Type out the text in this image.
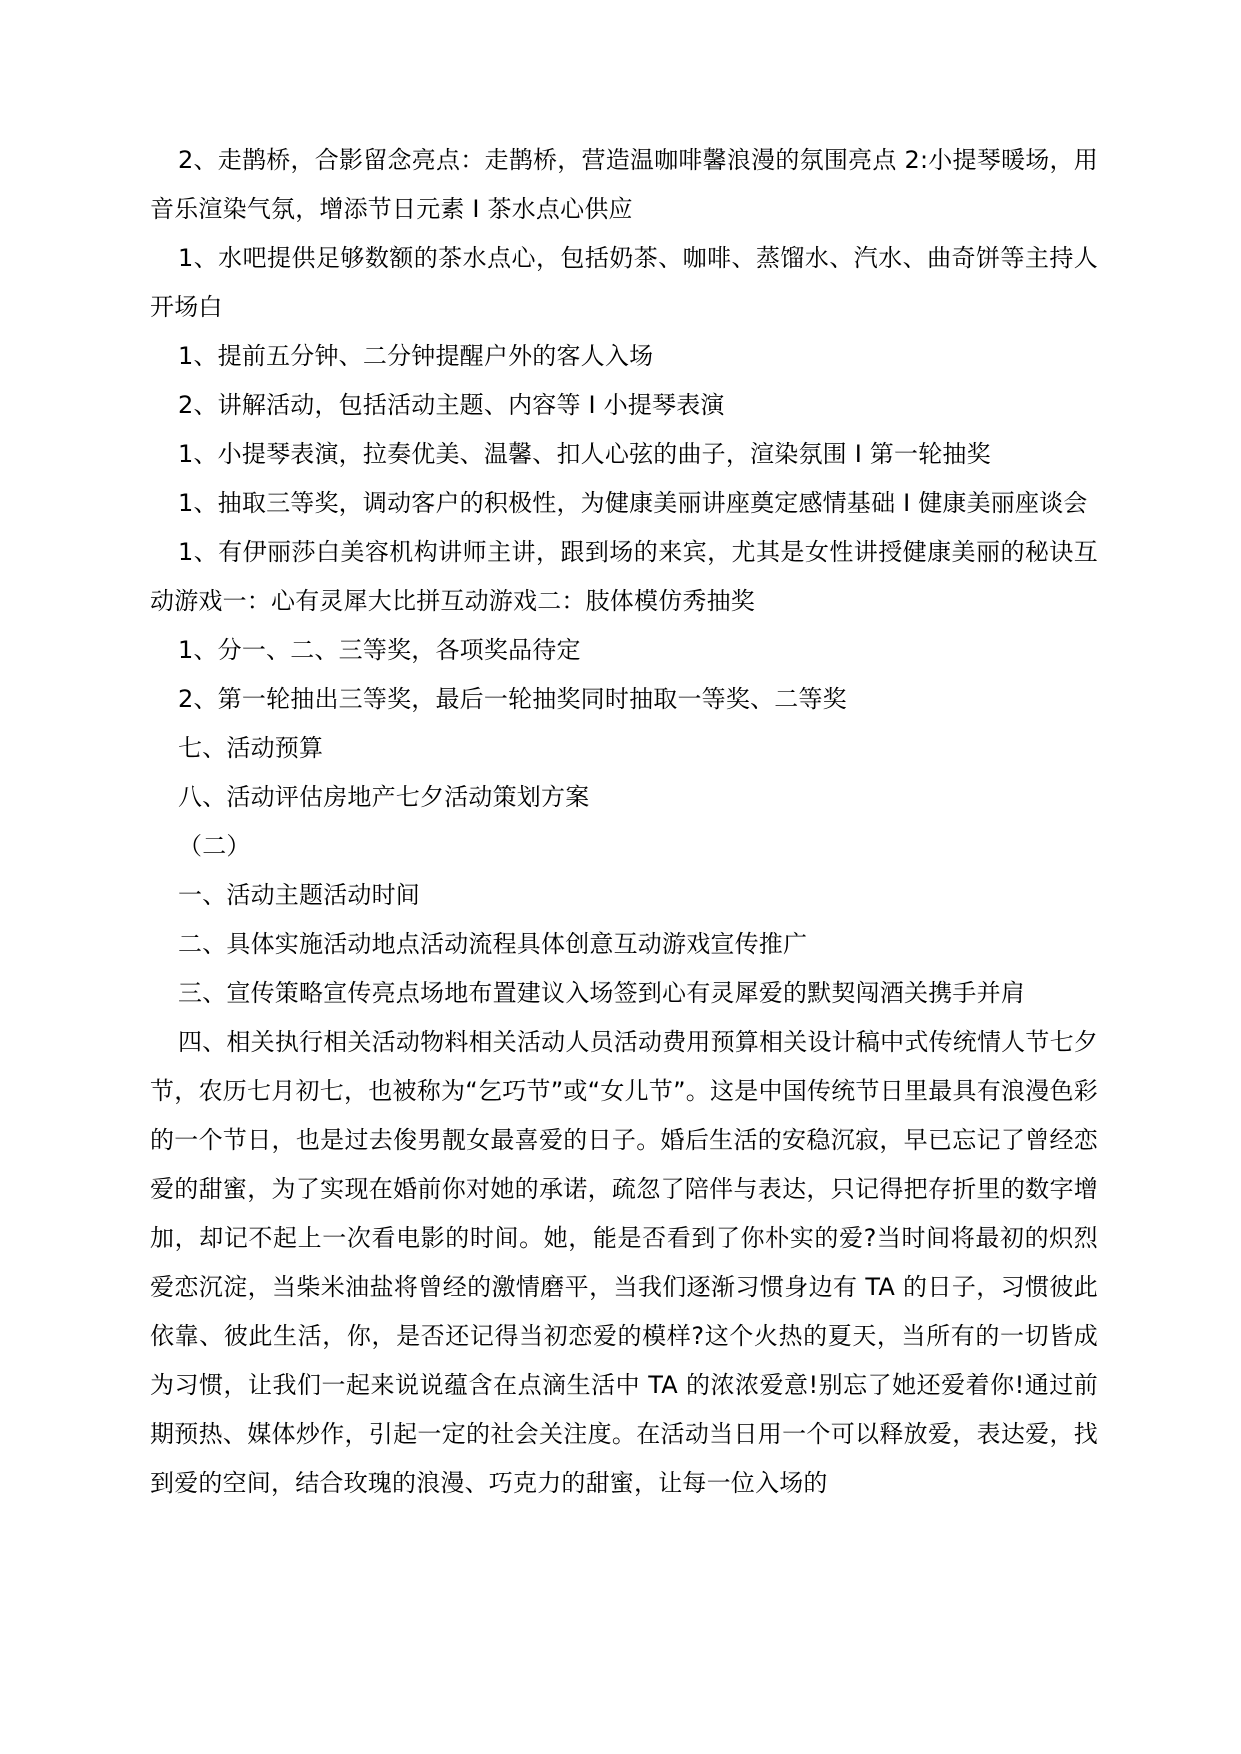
2、走鹊桥，合影留念亮点：走鹊桥，营造温咖啡馨浪漫的氛围亮点 2:小提琴暖场，用音乐渲染气氛，增添节日元素 I 茶水点心供应

1、水吧提供足够数额的茶水点心，包括奶茶、咖啡、蒸馏水、汽水、曲奇饼等主持人开场白

1、提前五分钟、二分钟提醒户外的客人入场

2、讲解活动，包括活动主题、内容等 I 小提琴表演

1、小提琴表演，拉奏优美、温馨、扣人心弦的曲子，渲染氛围 I 第一轮抽奖

1、抽取三等奖，调动客户的积极性，为健康美丽讲座奠定感情基础 I 健康美丽座谈会

1、有伊丽莎白美容机构讲师主讲，跟到场的来宾，尤其是女性讲授健康美丽的秘诀互动游戏一：心有灵犀大比拼互动游戏二：肢体模仿秀抽奖

1、分一、二、三等奖，各项奖品待定

2、第一轮抽出三等奖，最后一轮抽奖同时抽取一等奖、二等奖

七、活动预算

八、活动评估房地产七夕活动策划方案

（二）

一、活动主题活动时间

二、具体实施活动地点活动流程具体创意互动游戏宣传推广

三、宣传策略宣传亮点场地布置建议入场签到心有灵犀爱的默契闯酒关携手并肩

四、相关执行相关活动物料相关活动人员活动费用预算相关设计稿中式传统情人节七夕节，农历七月初七，也被称为“乞巧节”或“女儿节”。这是中国传统节日里最具有浪漫色彩的一个节日，也是过去俊男靓女最喜爱的日子。婚后生活的安稳沉寂，早已忘记了曾经恋爱的甜蜜，为了实现在婚前你对她的承诺，疏忽了陪伴与表达，只记得把存折里的数字增加，却记不起上一次看电影的时间。她，能是否看到了你朴实的爱?当时间将最初的炽烈爱恋沉淀，当柴米油盐将曾经的激情磨平，当我们逐渐习惯身边有 TA 的日子，习惯彼此依靠、彼此生活，你，是否还记得当初恋爱的模样?这个火热的夏天，当所有的一切皆成为习惯，让我们一起来说说蕴含在点滴生活中 TA 的浓浓爱意!别忘了她还爱着你!通过前期预热、媒体炒作，引起一定的社会关注度。在活动当日用一个可以释放爱，表达爱，找到爱的空间，结合玫瑰的浪漫、巧克力的甜蜜，让每一位入场的
